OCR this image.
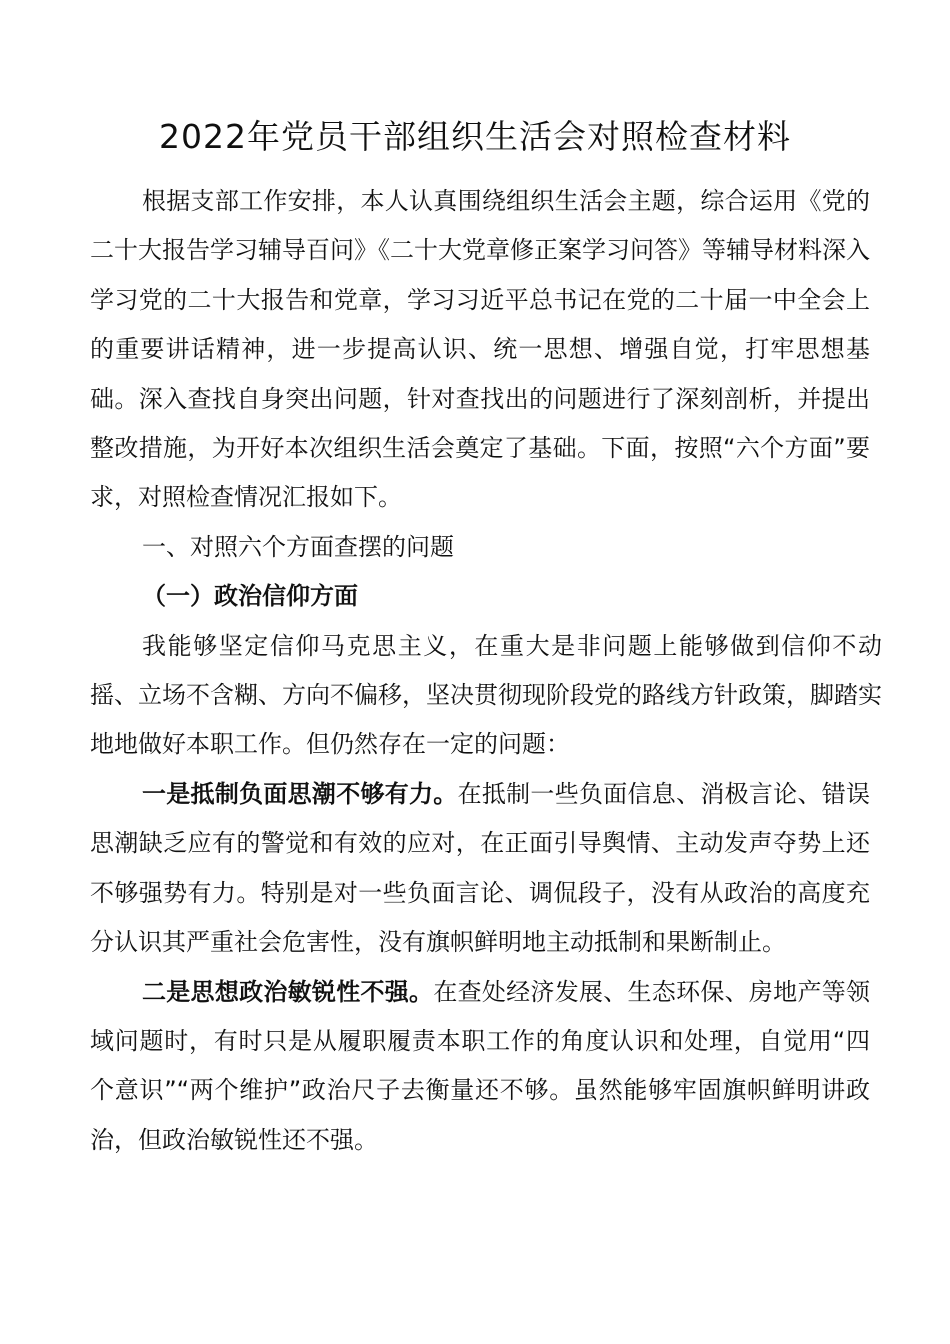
2022年党员干部组织生活会对照检查材料

根据支部工作安排，本人认真围绕组织生活会主题，综合运用《党的二十大报告学习辅导百问》《二十大党章修正案学习问答》等辅导材料深入学习党的二十大报告和党章，学习习近平总书记在党的二十届一中全会上的重要讲话精神，进一步提高认识、统一思想、增强自觉，打牢思想基础。深入查找自身突出问题，针对查找出的问题进行了深刻剖析，并提出整改措施，为开好本次组织生活会奠定了基础。下面，按照“六个方面”要求，对照检查情况汇报如下。

一、对照六个方面查摆的问题

（一）政治信仰方面

我能够坚定信仰马克思主义，在重大是非问题上能够做到信仰不动摇、立场不含糊、方向不偏移，坚决贯彻现阶段党的路线方针政策，脚踏实地地做好本职工作。但仍然存在一定的问题：

一是抵制负面思潮不够有力。在抵制一些负面信息、消极言论、错误思潮缺乏应有的警觉和有效的应对，在正面引导舆情、主动发声夺势上还不够强势有力。特别是对一些负面言论、调侃段子，没有从政治的高度充分认识其严重社会危害性，没有旗帜鲜明地主动抵制和果断制止。

二是思想政治敏锐性不强。在查处经济发展、生态环保、房地产等领域问题时，有时只是从履职履责本职工作的角度认识和处理，自觉用“四个意识”“两个维护”政治尺子去衡量还不够。虽然能够牢固旗帜鲜明讲政治，但政治敏锐性还不强。
